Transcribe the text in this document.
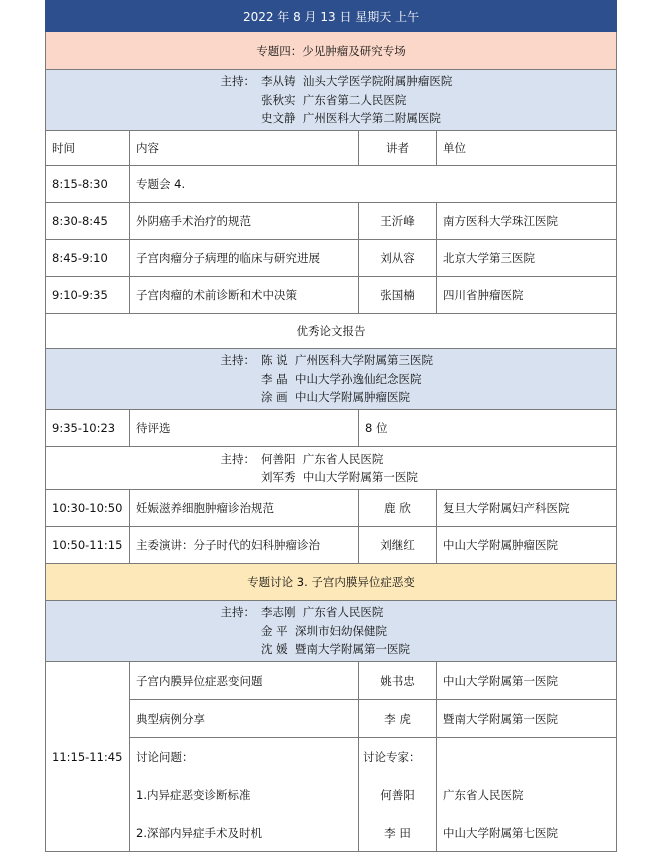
2022 年 8 月 13 日 星期天 上午			
专题四：少见肿瘤及研究专场			

主持： 李从铸 汕头大学医学院附属肿瘤医院
张秋实 广东省第二人民医院
史文静 广州医科大学第二附属医院			

时间	内容	讲者	单位
8:15-8:30	专题会 4.		
8:30-8:45	外阴癌手术治疗的规范	王沂峰	南方医科大学珠江医院
8:45-9:10	子宫肉瘤分子病理的临床与研究进展	刘从容	北京大学第三医院
9:10-9:35	子宫肉瘤的术前诊断和术中决策	张国楠	四川省肿瘤医院
优秀论文报告			

主持： 陈 说 广州医科大学附属第三医院
李 晶 中山大学孙逸仙纪念医院
涂 画 中山大学附属肿瘤医院			

9:35-10:23	待评选	8 位	

主持： 何善阳 广东省人民医院
刘军秀 中山大学附属第一医院			

10:30-10:50	妊娠滋养细胞肿瘤诊治规范	鹿 欣	复旦大学附属妇产科医院
10:50-11:15	主委演讲：分子时代的妇科肿瘤诊治	刘继红	中山大学附属肿瘤医院
专题讨论 3. 子宫内膜异位症恶变			

主持： 李志刚 广东省人民医院
金 平 深圳市妇幼保健院
沈 媛 暨南大学附属第一医院			

11:15-11:45	子宫内膜异位症恶变问题	姚书忠	中山大学附属第一医院
	典型病例分享	李 虎	暨南大学附属第一医院
	讨论问题：	讨论专家：	
	1.内异症恶变诊断标准	何善阳	广东省人民医院
	2.深部内异症手术及时机	李 田	中山大学附属第七医院
